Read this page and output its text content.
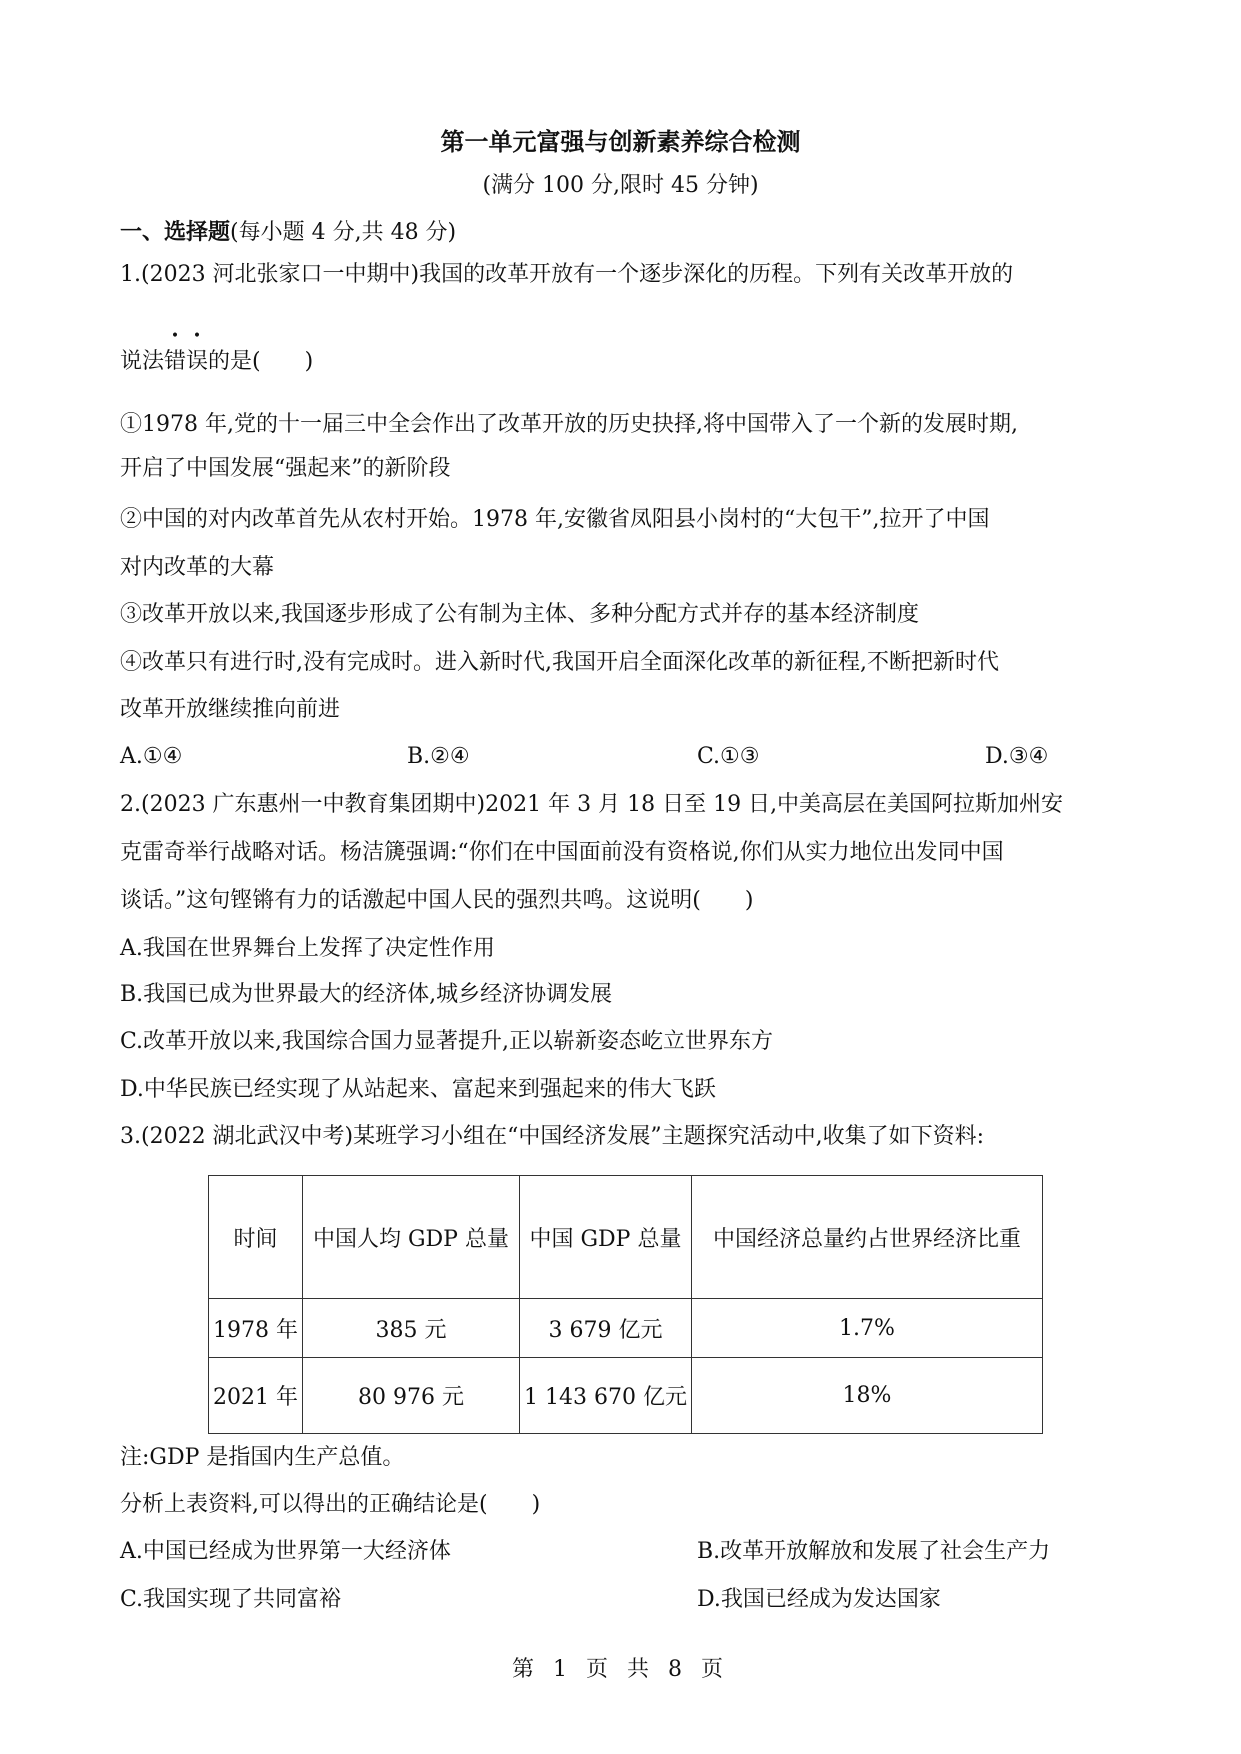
第一单元富强与创新素养综合检测
(满分 100 分,限时 45 分钟)
一、选择题(每小题 4 分,共 48 分)
1.(2023 河北张家口一中期中)我国的改革开放有一个逐步深化的历程。下列有关改革开放的
说法错误的是(　　)
①1978 年,党的十一届三中全会作出了改革开放的历史抉择,将中国带入了一个新的发展时期,
开启了中国发展“强起来”的新阶段
②中国的对内改革首先从农村开始。1978 年,安徽省凤阳县小岗村的“大包干”,拉开了中国
对内改革的大幕
③改革开放以来,我国逐步形成了公有制为主体、多种分配方式并存的基本经济制度
④改革只有进行时,没有完成时。进入新时代,我国开启全面深化改革的新征程,不断把新时代
改革开放继续推向前进
A.①④	B.②④	C.①③	D.③④
2.(2023 广东惠州一中教育集团期中)2021 年 3 月 18 日至 19 日,中美高层在美国阿拉斯加州安
克雷奇举行战略对话。杨洁篪强调:“你们在中国面前没有资格说,你们从实力地位出发同中国
谈话。”这句铿锵有力的话激起中国人民的强烈共鸣。这说明(　　)
A.我国在世界舞台上发挥了决定性作用
B.我国已成为世界最大的经济体,城乡经济协调发展
C.改革开放以来,我国综合国力显著提升,正以崭新姿态屹立世界东方
D.中华民族已经实现了从站起来、富起来到强起来的伟大飞跃
3.(2022 湖北武汉中考)某班学习小组在“中国经济发展”主题探究活动中,收集了如下资料:
时间	中国人均 GDP 总量	中国 GDP 总量	中国经济总量约占世界经济比重
1978 年	385 元	3 679 亿元	1.7%
2021 年	80 976 元	1 143 670 亿元	18%
注:GDP 是指国内生产总值。
分析上表资料,可以得出的正确结论是(　　)
A.中国已经成为世界第一大经济体	B.改革开放解放和发展了社会生产力
C.我国实现了共同富裕	D.我国已经成为发达国家
第 1 页 共 8 页
